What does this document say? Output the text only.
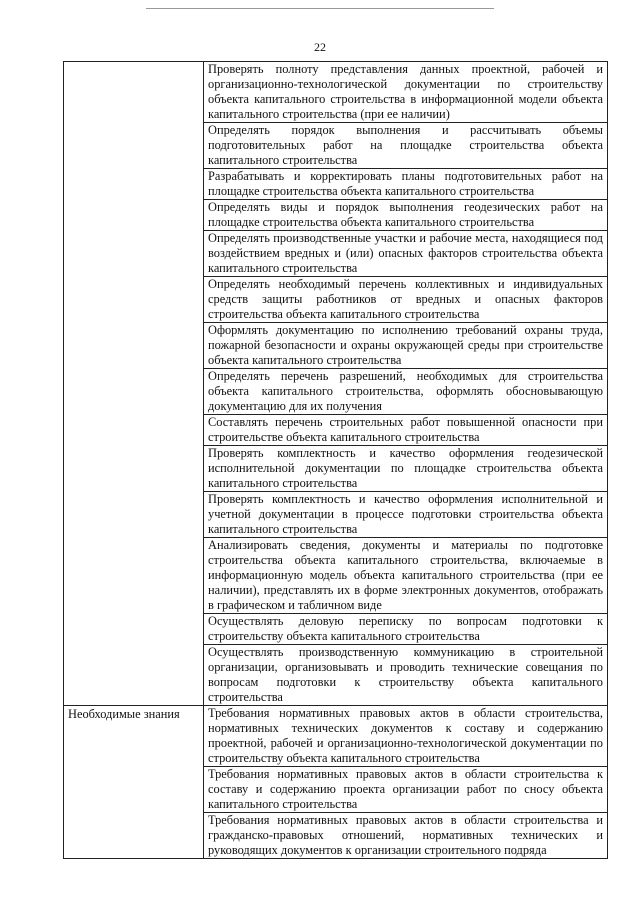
22

	Проверять полноту представления данных проектной, рабочей и организационно-технологической документации по строительству объекта капитального строительства в информационной модели объекта капитального строительства (при ее наличии)

	Определять порядок выполнения и рассчитывать объемы подготовительных работ на площадке строительства объекта капитального строительства

	Разрабатывать и корректировать планы подготовительных работ на площадке строительства объекта капитального строительства

	Определять виды и порядок выполнения геодезических работ на площадке строительства объекта капитального строительства

	Определять производственные участки и рабочие места, находящиеся под воздействием вредных и (или) опасных факторов строительства объекта капитального строительства

	Определять необходимый перечень коллективных и индивидуальных средств защиты работников от вредных и опасных факторов строительства объекта капитального строительства

	Оформлять документацию по исполнению требований охраны труда, пожарной безопасности и охраны окружающей среды при строительстве объекта капитального строительства

	Определять перечень разрешений, необходимых для строительства объекта капитального строительства, оформлять обосновывающую документацию для их получения

	Составлять перечень строительных работ повышенной опасности при строительстве объекта капитального строительства

	Проверять комплектность и качество оформления геодезической исполнительной документации по площадке строительства объекта капитального строительства

	Проверять комплектность и качество оформления исполнительной и учетной документации в процессе подготовки строительства объекта капитального строительства

	Анализировать сведения, документы и материалы по подготовке строительства объекта капитального строительства, включаемые в информационную модель объекта капитального строительства (при ее наличии), представлять их в форме электронных документов, отображать в графическом и табличном виде

	Осуществлять деловую переписку по вопросам подготовки к строительству объекта капитального строительства

	Осуществлять производственную коммуникацию в строительной организации, организовывать и проводить технические совещания по вопросам подготовки к строительству объекта капитального строительства

Необходимые знания	Требования нормативных правовых актов в области строительства, нормативных технических документов к составу и содержанию проектной, рабочей и организационно-технологической документации по строительству объекта капитального строительства

	Требования нормативных правовых актов в области строительства к составу и содержанию проекта организации работ по сносу объекта капитального строительства

	Требования нормативных правовых актов в области строительства и гражданско-правовых отношений, нормативных технических и руководящих документов к организации строительного подряда
